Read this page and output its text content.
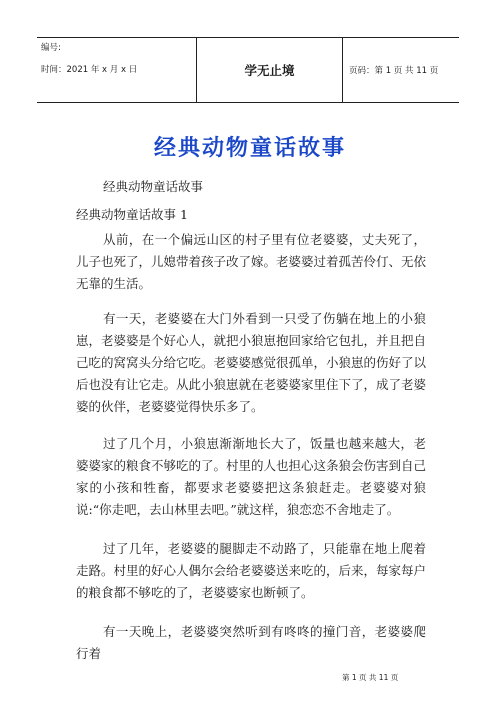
编号:
时间：2021 年 x 月 x 日	学无止境	页码：第 1 页 共 11 页
经典动物童话故事

经典动物童话故事

经典动物童话故事 1

从前，在一个偏远山区的村子里有位老婆婆，丈夫死了，儿子也死了，儿媳带着孩子改了嫁。老婆婆过着孤苦伶仃、无依无靠的生活。

有一天，老婆婆在大门外看到一只受了伤躺在地上的小狼崽，老婆婆是个好心人，就把小狼崽抱回家给它包扎，并且把自己吃的窝窝头分给它吃。老婆婆感觉很孤单，小狼崽的伤好了以后也没有让它走。从此小狼崽就在老婆婆家里住下了，成了老婆婆的伙伴，老婆婆觉得快乐多了。

过了几个月，小狼崽渐渐地长大了，饭量也越来越大，老婆婆家的粮食不够吃的了。村里的人也担心这条狼会伤害到自己家的小孩和牲畜，都要求老婆婆把这条狼赶走。老婆婆对狼说:“你走吧，去山林里去吧。”就这样，狼恋恋不舍地走了。

过了几年，老婆婆的腿脚走不动路了，只能靠在地上爬着走路。村里的好心人偶尔会给老婆婆送来吃的，后来，每家每户的粮食都不够吃的了，老婆婆家也断顿了。

有一天晚上，老婆婆突然听到有咚咚的撞门音，老婆婆爬行着

第 1 页 共 11 页
